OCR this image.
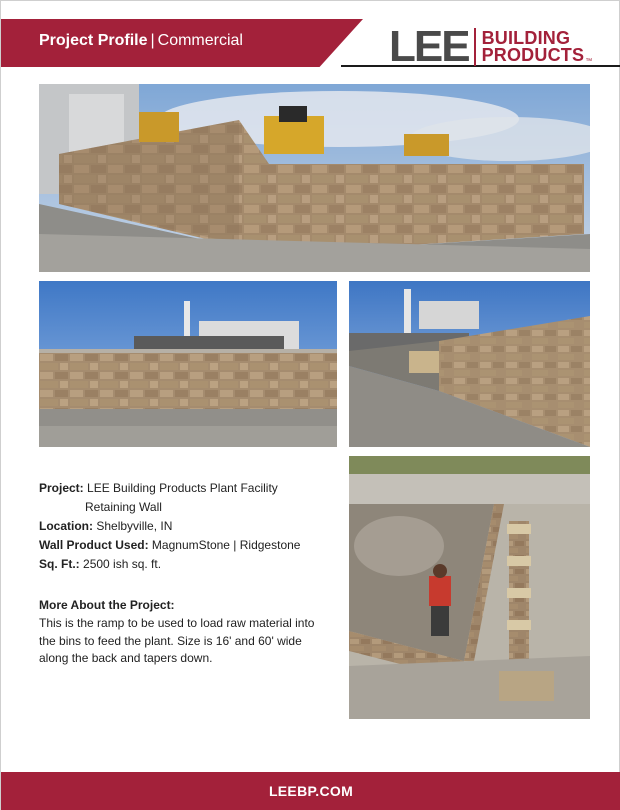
Project Profile | Commercial	LEE BUILDING
PRODUCTS ™
Project: LEE Building Products Plant Facility
Retaining Wall
Location: Shelbyville, IN
Wall Product Used: MagnumStone | Ridgestone
Sq. Ft.: 2500 ish sq. ft.
More About the Project:
This is the ramp to be used to load raw material into the bins to feed the plant. Size is 16' and 60' wide along the back and tapers down.
LEEBP.COM
